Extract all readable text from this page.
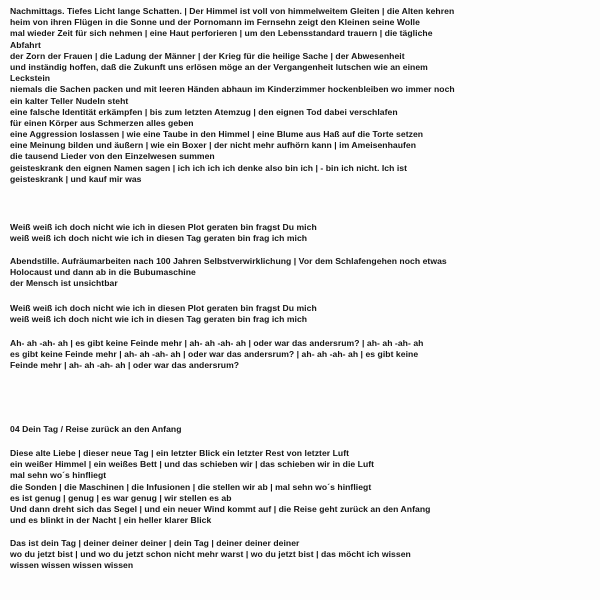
Nachmittags. Tiefes Licht lange Schatten. | Der Himmel ist voll von himmelweitem Gleiten | die Alten kehren
heim von ihren Flügen in die Sonne und der Pornomann im Fernsehn zeigt den Kleinen seine Wolle
mal wieder Zeit für sich nehmen | eine Haut perforieren | um den Lebensstandard trauern | die tägliche
Abfahrt
der Zorn der Frauen | die Ladung der Männer | der Krieg für die heilige Sache | der Abwesenheit
und inständig hoffen, daß die Zukunft uns erlösen möge an der Vergangenheit lutschen wie an einem
Leckstein
niemals die Sachen packen und mit leeren Händen abhaun im Kinderzimmer hockenbleiben wo immer noch
ein kalter Teller Nudeln steht
eine falsche Identität erkämpfen | bis zum letzten Atemzug | den eignen Tod dabei verschlafen
für einen Körper aus Schmerzen alles geben
eine Aggression loslassen | wie eine Taube in den Himmel | eine Blume aus Haß auf die Torte setzen
eine Meinung bilden und äußern | wie ein Boxer | der nicht mehr aufhörn kann | im Ameisenhaufen
die tausend Lieder von den Einzelwesen summen
geisteskrank den eignen Namen sagen | ich ich ich ich denke also bin ich | - bin ich nicht. Ich ist
geisteskrank | und kauf mir was
Weiß weiß ich doch nicht wie ich in diesen Plot geraten bin fragst Du mich
weiß weiß ich doch nicht wie ich in diesen Tag geraten bin frag ich mich
Abendstille. Aufräumarbeiten nach 100 Jahren Selbstverwirklichung | Vor dem Schlafengehen noch etwas
Holocaust und dann ab in die Bubumaschine
der Mensch ist unsichtbar
Weiß weiß ich doch nicht wie ich in diesen Plot geraten bin fragst Du mich
weiß weiß ich doch nicht wie ich in diesen Tag geraten bin frag ich mich
Ah- ah -ah- ah | es gibt keine Feinde mehr | ah- ah -ah- ah | oder war das andersrum? | ah- ah -ah- ah
es gibt keine Feinde mehr | ah- ah -ah- ah | oder war das andersrum? | ah- ah -ah- ah | es gibt keine
Feinde mehr | ah- ah -ah- ah | oder war das andersrum?
04 Dein Tag / Reise zurück an den Anfang
Diese alte Liebe | dieser neue Tag | ein letzter Blick ein letzter Rest von letzter Luft
ein weißer Himmel | ein weißes Bett | und das schieben wir | das schieben wir in die Luft
mal sehn wo´s hinfliegt
die Sonden | die Maschinen | die Infusionen | die stellen wir ab | mal sehn wo´s hinfliegt
es ist genug | genug | es war genug | wir stellen es ab
Und dann dreht sich das Segel | und ein neuer Wind kommt auf | die Reise geht zurück an den Anfang
und es blinkt in der Nacht | ein heller klarer Blick
Das ist dein Tag | deiner deiner deiner | dein Tag | deiner deiner deiner
wo du jetzt bist | und wo du jetzt schon nicht mehr warst | wo du jetzt bist | das möcht ich wissen
wissen wissen wissen wissen
